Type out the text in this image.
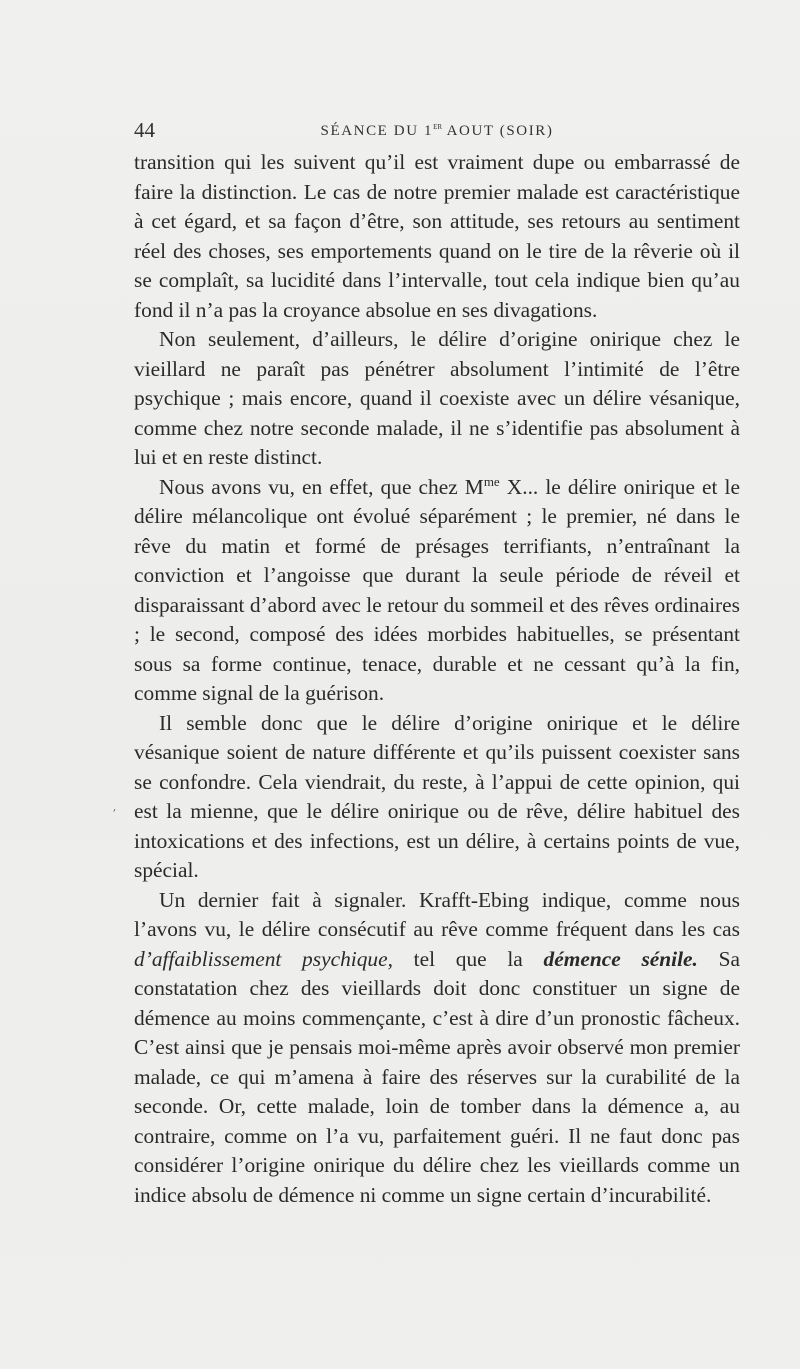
44	SÉANCE DU 1er AOUT (SOIR)
ʼ

transition qui les suivent qu’il est vraiment dupe ou embarrassé de faire la distinction. Le cas de notre premier malade est caractéristique à cet égard, et sa façon d’être, son attitude, ses retours au sentiment réel des choses, ses emportements quand on le tire de la rêverie où il se complaît, sa lucidité dans l’intervalle, tout cela indique bien qu’au fond il n’a pas la croyance absolue en ses divagations.

Non seulement, d’ailleurs, le délire d’origine onirique chez le vieillard ne paraît pas pénétrer absolument l’intimité de l’être psychique ; mais encore, quand il coexiste avec un délire vésanique, comme chez notre seconde malade, il ne s’identifie pas absolument à lui et en reste distinct.

Nous avons vu, en effet, que chez $M^{me}$ X... le délire onirique et le délire mélancolique ont évolué séparément ; le premier, né dans le rêve du matin et formé de présages terrifiants, n’entraînant la conviction et l’angoisse que durant la seule période de réveil et disparaissant d’abord avec le retour du sommeil et des rêves ordinaires ; le second, composé des idées morbides habituelles, se présentant sous sa forme continue, tenace, durable et ne cessant qu’à la fin, comme signal de la guérison.

Il semble donc que le délire d’origine onirique et le délire vésanique soient de nature différente et qu’ils puissent coexister sans se confondre. Cela viendrait, du reste, à l’appui de cette opinion, qui est la mienne, que le délire onirique ou de rêve, délire habituel des intoxications et des infections, est un délire, à certains points de vue, spécial.

Un dernier fait à signaler. Krafft-Ebing indique, comme nous l’avons vu, le délire consécutif au rêve comme fréquent dans les cas d’affaiblissement psychique, tel que la démence sénile. Sa constatation chez des vieillards doit donc constituer un signe de démence au moins commençante, c’est à dire d’un pronostic fâcheux. C’est ainsi que je pensais moi-même après avoir observé mon premier malade, ce qui m’amena à faire des réserves sur la curabilité de la seconde. Or, cette malade, loin de tomber dans la démence a, au contraire, comme on l’a vu, parfaitement guéri. Il ne faut donc pas considérer l’origine onirique du délire chez les vieillards comme un indice absolu de démence ni comme un signe certain d’incurabilité.
